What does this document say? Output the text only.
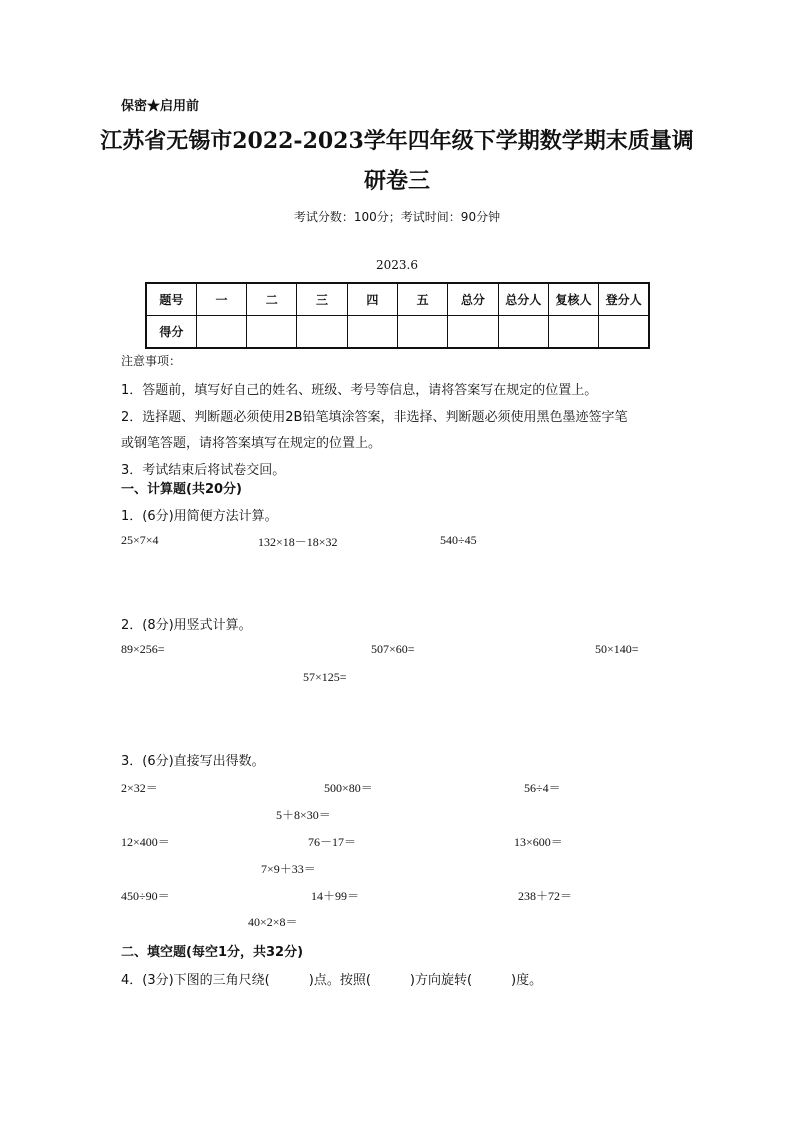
保密★启用前
江苏省无锡市2022-2023学年四年级下学期数学期末质量调
研卷三
考试分数：100分；考试时间：90分钟
2023.6
题号	一	二	三	四	五	总分	总分人	复核人	登分人
得分									
注意事项：
1．答题前，填写好自己的姓名、班级、考号等信息，请将答案写在规定的位置上。
2．选择题、判断题必须使用2B铅笔填涂答案，非选择、判断题必须使用黑色墨迹签字笔
或钢笔答题，请将答案填写在规定的位置上。
3．考试结束后将试卷交回。
一、计算题(共20分)
1．(6分)用简便方法计算。
25×7×4	132×18－18×32	540÷45
2．(8分)用竖式计算。
89×256=	507×60=	50×140=
57×125=
3．(6分)直接写出得数。
2×32＝	500×80＝	56÷4＝
5＋8×30＝
12×400＝	76－17＝	13×600＝
7×9＋33＝
450÷90＝	14＋99＝	238＋72＝
40×2×8＝
二、填空题(每空1分，共32分)
4．(3分)下图的三角尺绕(　　　)点。按照(　　　)方向旋转(　　　)度。
